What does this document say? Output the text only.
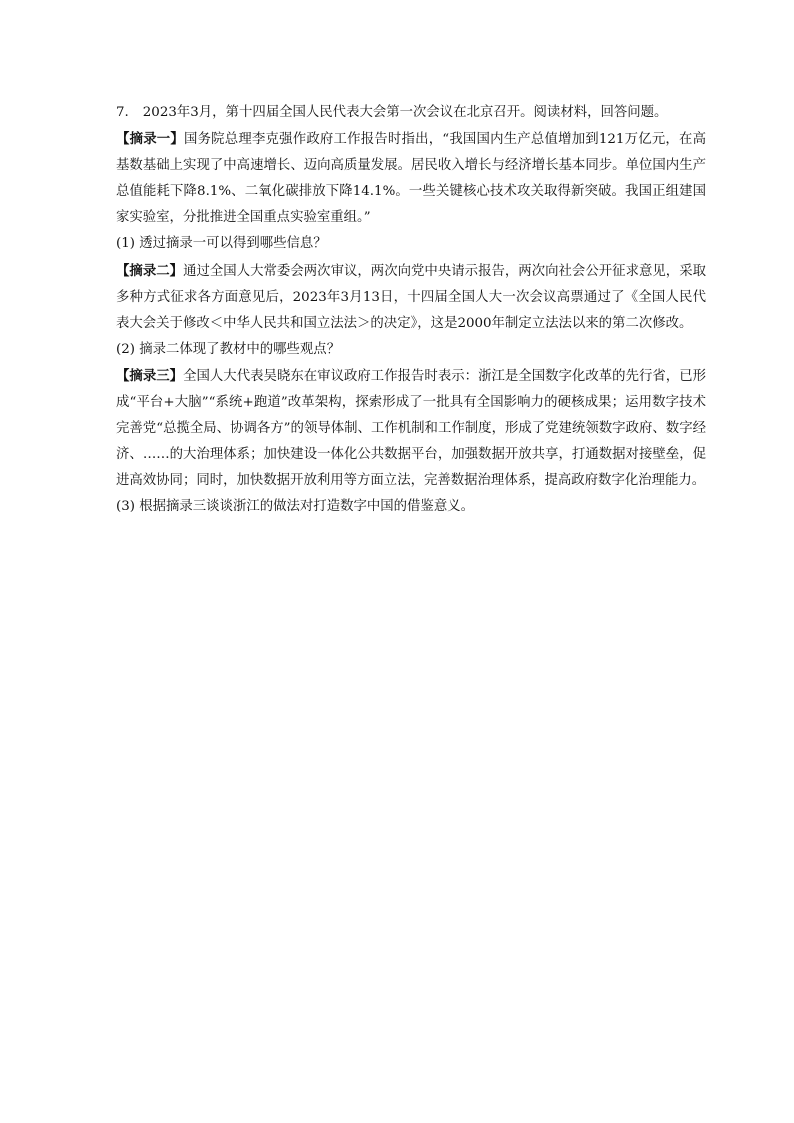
7. 2023年3月，第十四届全国人民代表大会第一次会议在北京召开。阅读材料，回答问题。

【摘录一】国务院总理李克强作政府工作报告时指出，“我国国内生产总值增加到121万亿元，在高基数基础上实现了中高速增长、迈向高质量发展。居民收入增长与经济增长基本同步。单位国内生产总值能耗下降8.1%、二氧化碳排放下降14.1%。一些关键核心技术攻关取得新突破。我国正组建国家实验室，分批推进全国重点实验室重组。”

(1) 透过摘录一可以得到哪些信息？

【摘录二】通过全国人大常委会两次审议，两次向党中央请示报告，两次向社会公开征求意见，采取多种方式征求各方面意见后，2023年3月13日，十四届全国人大一次会议高票通过了《全国人民代表大会关于修改＜中华人民共和国立法法＞的决定》，这是2000年制定立法法以来的第二次修改。

(2) 摘录二体现了教材中的哪些观点？

【摘录三】全国人大代表吴晓东在审议政府工作报告时表示：浙江是全国数字化改革的先行省，已形成“平台+大脑”“系统+跑道”改革架构，探索形成了一批具有全国影响力的硬核成果；运用数字技术完善党“总揽全局、协调各方”的领导体制、工作机制和工作制度，形成了党建统领数字政府、数字经济、……的大治理体系；加快建设一体化公共数据平台，加强数据开放共享，打通数据对接壁垒，促进高效协同；同时，加快数据开放利用等方面立法，完善数据治理体系，提高政府数字化治理能力。

(3) 根据摘录三谈谈浙江的做法对打造数字中国的借鉴意义。
